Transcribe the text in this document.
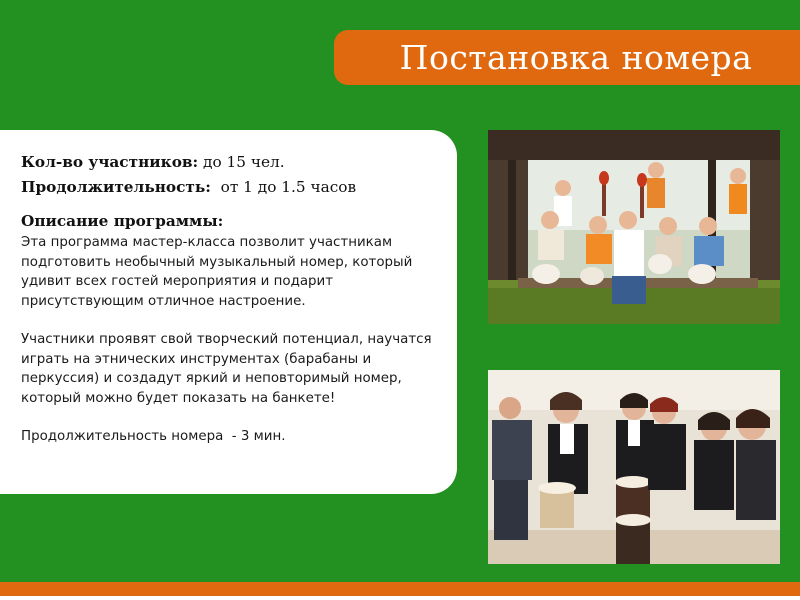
Постановка номера
Кол-во участников: до 15 чел.
Продолжительность:  от 1 до 1.5 часов
Описание программы:
Эта программа мастер-класса позволит участникам подготовить необычный музыкальный номер, который удивит всех гостей мероприятия и подарит присутствующим отличное настроение.
Участники проявят свой творческий потенциал, научатся играть на этнических инструментах (барабаны и перкуссия) и создадут яркий и неповторимый номер, который можно будет показать на банкете!
Продолжительность номера  - 3 мин.
